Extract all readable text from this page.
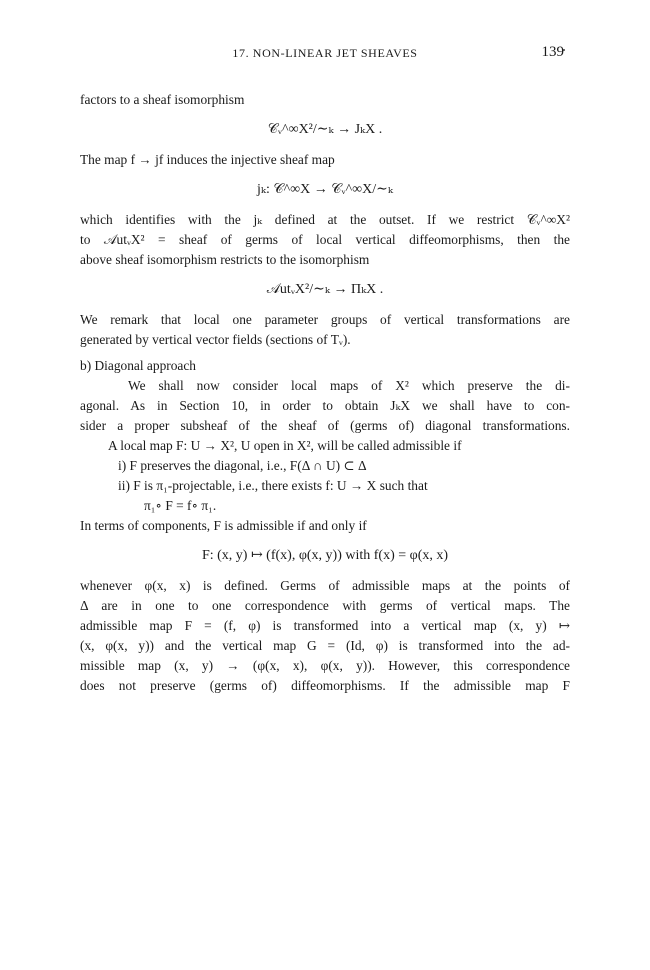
17. NON-LINEAR JET SHEAVES	139
factors to a sheaf isomorphism
𝒞ᵥ^∞X²/∼ₖ → JₖX .
The map f → jf induces the injective sheaf map
jₖ: 𝒞^∞X → 𝒞ᵥ^∞X/∼ₖ
which identifies with the jₖ defined at the outset. If we restrict 𝒞ᵥ^∞X²
to 𝒜utᵥX² = sheaf of germs of local vertical diffeomorphisms, then the
above sheaf isomorphism restricts to the isomorphism
𝒜utᵥX²/∼ₖ → ΠₖX .
We remark that local one parameter groups of vertical transformations are
generated by vertical vector fields (sections of Tᵥ).
b) Diagonal approach
We shall now consider local maps of X² which preserve the di-
agonal. As in Section 10, in order to obtain JₖX we shall have to con-
sider a proper subsheaf of the sheaf of (germs of) diagonal transformations.
A local map F: U → X², U open in X², will be called admissible if
i) F preserves the diagonal, i.e., F(Δ ∩ U) ⊂ Δ
ii) F is π₁-projectable, i.e., there exists f: U → X such that
π₁∘ F = f∘ π₁.
In terms of components, F is admissible if and only if
F: (x, y) ↦ (f(x), φ(x, y)) with f(x) = φ(x, x)
whenever φ(x, x) is defined. Germs of admissible maps at the points of
Δ are in one to one correspondence with germs of vertical maps. The
admissible map F = (f, φ) is transformed into a vertical map (x, y) ↦
(x, φ(x, y)) and the vertical map G = (Id, φ) is transformed into the ad-
missible map (x, y) → (φ(x, x), φ(x, y)). However, this correspondence
does not preserve (germs of) diffeomorphisms. If the admissible map F
